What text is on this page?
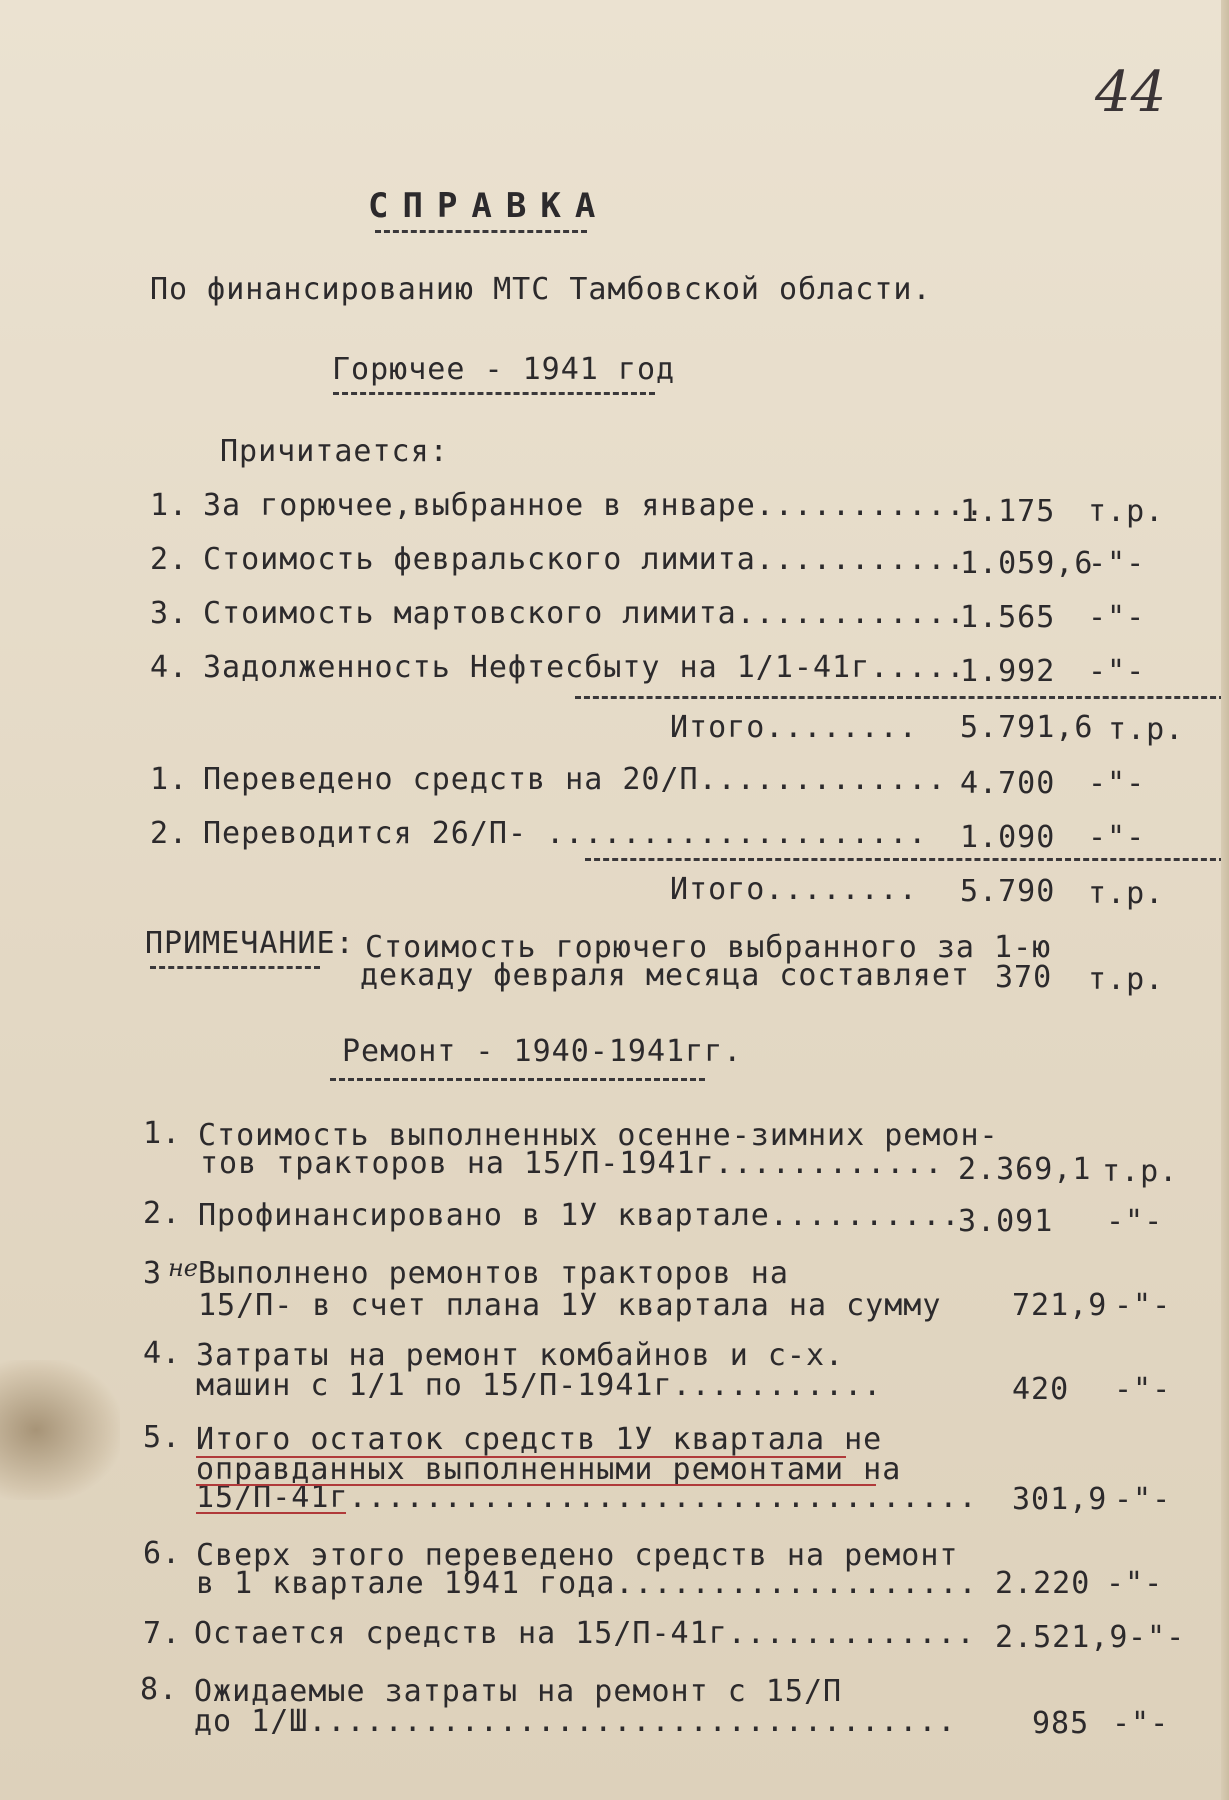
44
СПРАВКА
По финансированию МТС Тамбовской области.
Горючее - 1941 год
Причитается:
1. За горючее,выбранное в январе............
1.175 т.р.
2. Стоимость февральского лимита...........
1.059,6
-"-
3. Стоимость мартовского лимита............
1.565 -"-
4. Задолженность Нефтесбыту на 1/1-41г.....
1.992 -"-
Итого........ 5.791,6 т.р.
1. Переведено средств на 20/П............. 4.700 -"-
2. Переводится 26/П- .................... 1.090 -"-
Итого........ 5.790 т.р.
ПРИМЕЧАНИЕ: Стоимость горючего выбранного за 1-ю
декаду февраля месяца составляет 370 т.р.
Ремонт - 1940-1941гг.
1. Стоимость выполненных осенне-зимних ремон-
тов тракторов на 15/П-1941г............ 2.369,1 т.р.
2. Профинансировано в 1У квартале..........
3.091 -"-
3 не Выполнено ремонтов тракторов на
15/П- в счет плана 1У квартала на сумму 721,9 -"-
4. Затраты на ремонт комбайнов и с-х.
машин с 1/1 по 15/П-1941г...........	420 -"-
5. Итого остаток средств 1У квартала не
оправданных выполненными ремонтами на
15/П-41г................................. 301,9 -"-
6. Сверх этого переведено средств на ремонт
в 1 квартале 1941 года................... 2.220 -"-
7. Остается средств на 15/П-41г............. 2.521,9 -"-
8. Ожидаемые затраты на ремонт с 15/П
до 1/Ш..................................	985 -"-
